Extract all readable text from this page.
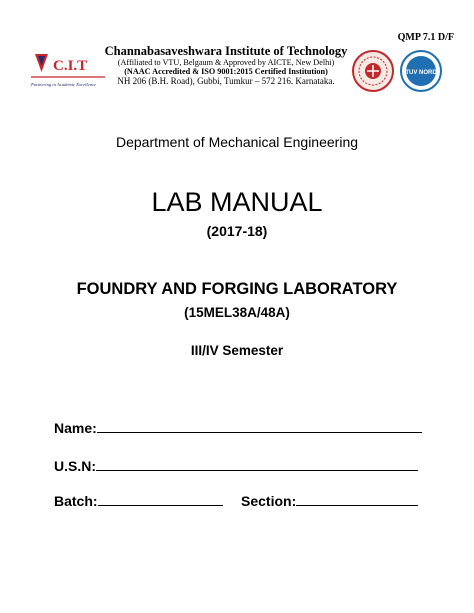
QMP 7.1 D/F
C.I.T
Partnering in Academic Excellence
Channabasaveshwara Institute of Technology
(Affiliated to VTU, Belgaum & Approved by AICTE, New Delhi)
(NAAC Accredited & ISO 9001:2015 Certified Institution)
NH 206 (B.H. Road), Gubbi, Tumkur – 572 216. Karnataka.
TUV NORD
Department of Mechanical Engineering
LAB MANUAL
(2017-18)
FOUNDRY AND FORGING LABORATORY
(15MEL38A/48A)
III/IV Semester
Name:
U.S.N:
Batch:	Section:
